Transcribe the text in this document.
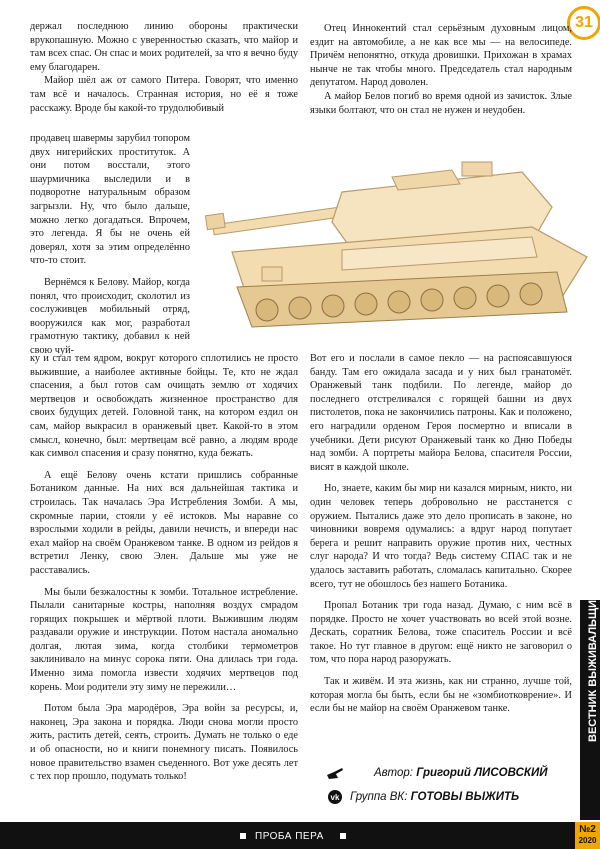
31

держал последнюю линию обороны практически врукопашную. Можно с уверенностью сказать, что майор и там всех спас. Он спас и моих родителей, за что я вечно буду ему благодарен.

Майор шёл аж от самого Питера. Говорят, что именно там всё и началось. Странная история, но её я тоже расскажу. Вроде бы какой-то трудолюбивый

продавец шавермы зарубил топором двух нигерийских проституток. А они потом восстали, этого шаурмичника выследили и в подворотне натуральным образом загрызли. Ну, что было дальше, можно легко догадаться. Впрочем, это легенда. Я бы не очень ей доверял, хотя за этим определённо что-то стоит.

Вернёмся к Белову. Майор, когда понял, что происходит, сколотил из сослуживцев мобильный отряд, вооружился как мог, разработал грамотную тактику, добавил к ней свою чуй-

ку и стал тем ядром, вокруг которого сплотились не просто выжившие, а наиболее активные бойцы. Те, кто не ждал спасения, а был готов сам очищать землю от ходячих мертвецов и освобождать жизненное пространство для своих будущих детей. Головной танк, на котором ездил он сам, майор выкрасил в оранжевый цвет. Какой-то в этом смысл, конечно, был: мертвецам всё равно, а людям вроде как символ спасения и сразу понятно, куда бежать.

А ещё Белову очень кстати пришлись собранные Ботаником данные. На них вся дальнейшая тактика и строилась. Так началась Эра Истребления Зомби. А мы, скромные парии, стояли у её истоков. Мы наравне со взрослыми ходили в рейды, давили нечисть, и впереди нас ехал майор на своём Оранжевом танке. В одном из рейдов я встретил Ленку, свою Элен. Дальше мы уже не расставались.

Мы были безжалостны к зомби. Тотальное истребление. Пылали санитарные костры, наполняя воздух смрадом горящих покрышек и мёртвой плоти. Выжившим людям раздавали оружие и инструкции. Потом настала аномально долгая, лютая зима, когда столбики термометров заклинивало на минус сорока пяти. Она длилась три года. Именно зима помогла извести ходячих мертвецов под корень. Мои родители эту зиму не пережили…

Потом была Эра мародёров, Эра войн за ресурсы, и, наконец, Эра закона и порядка. Люди снова могли просто жить, растить детей, сеять, строить. Думать не только о еде и об опасности, но и книги понемногу писать. Появилось новое правительство взамен съеденного. Вот уже десять лет с тех пор прошло, подумать только!

Отец Иннокентий стал серьёзным духовным лицом, ездит на автомобиле, а не как все мы — на велосипеде. Причём непонятно, откуда дровишки. Прихожан в храмах нынче не так чтобы много. Председатель стал народным депутатом. Народ доволен.

А майор Белов погиб во время одной из зачисток. Злые языки болтают, что он стал не нужен и неудобен.

Вот его и послали в самое пекло — на распоясавшуюся банду. Там его ожидала засада и у них был гранатомёт. Оранжевый танк подбили. По легенде, майор до последнего отстреливался с горящей башни из двух пистолетов, пока не закончились патроны. Как и положено, его наградили орденом Героя посмертно и вписали в учебники. Дети рисуют Оранжевый танк ко Дню Победы над зомби. А портреты майора Белова, спасителя России, висят в каждой школе.

Но, знаете, каким бы мир ни казался мирным, никто, ни один человек теперь добровольно не расстанется с оружием. Пытались даже это дело прописать в законе, но чиновники вовремя одумались: а вдруг народ попутает берега и решит направить оружие против них, честных слуг народа? И что тогда? Ведь систему СПАС так и не удалось заставить работать, сломалась капитально. Скорее всего, тут не обошлось без нашего Ботаника.

Пропал Ботаник три года назад. Думаю, с ним всё в порядке. Просто не хочет участвовать во всей этой возне. Дескать, соратник Белова, тоже спаситель России и всё такое. Но тут главное в другом: ещё никто не заговорил о том, что пора народ разоружать.

Так и живём. И эта жизнь, как ни странно, лучше той, которая могла бы быть, если бы не «зомбиотковрение». И если бы не майор на своём Оранжевом танке.

Автор: Григорий ЛИСОВСКИЙ
vk Группа ВК: ГОТОВЫ ВЫЖИТЬ
ВЕСТНИК ВЫЖИВАЛЬЩИКА
ПРОБА ПЕРА
№2
2020
